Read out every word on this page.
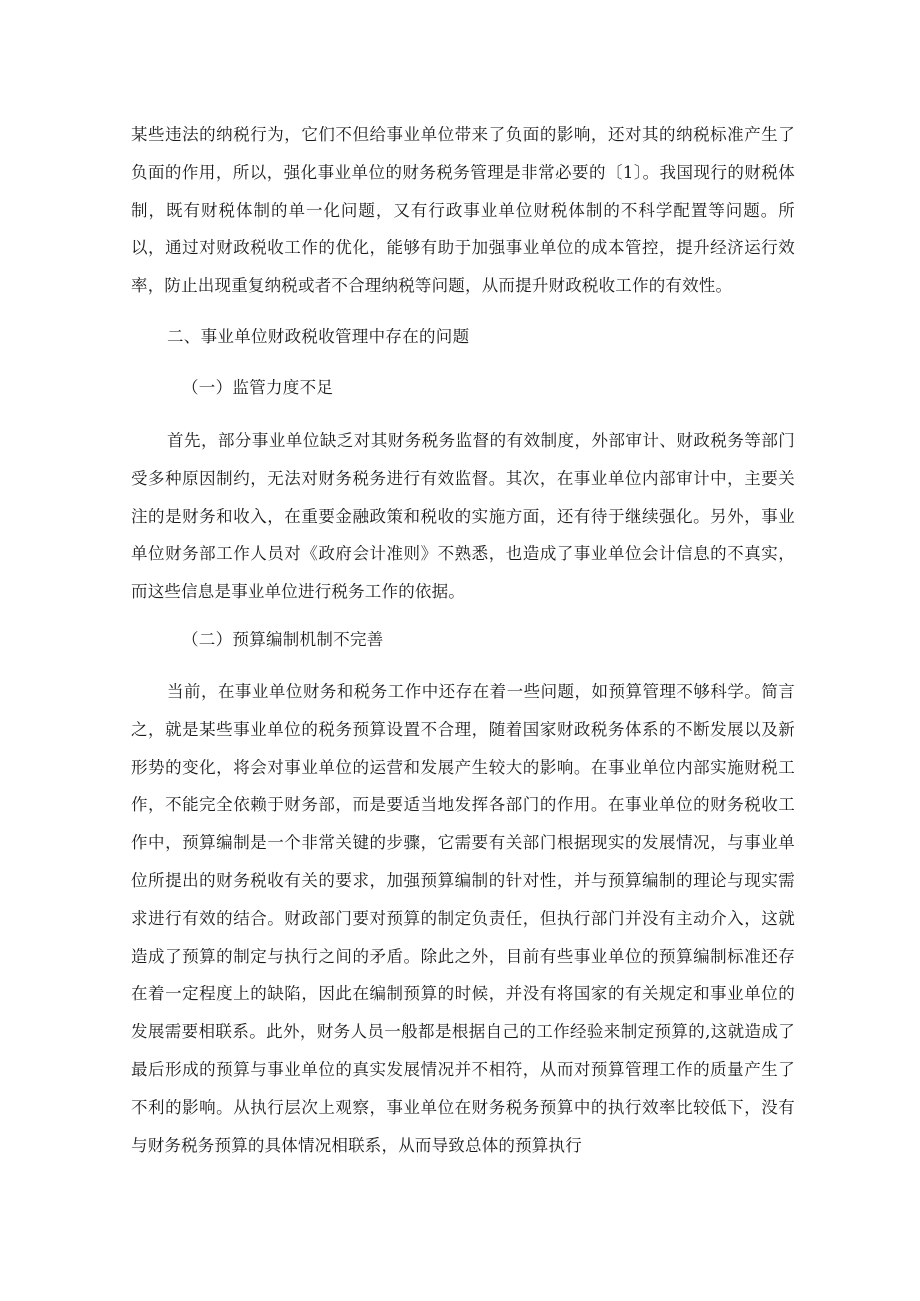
某些违法的纳税行为，它们不但给事业单位带来了负面的影响，还对其的纳税标准产生了负面的作用，所以，强化事业单位的财务税务管理是非常必要的〔1〕。我国现行的财税体制，既有财税体制的单一化问题，又有行政事业单位财税体制的不科学配置等问题。所以，通过对财政税收工作的优化，能够有助于加强事业单位的成本管控，提升经济运行效率，防止出现重复纳税或者不合理纳税等问题，从而提升财政税收工作的有效性。

二、事业单位财政税收管理中存在的问题

（一）监管力度不足

首先，部分事业单位缺乏对其财务税务监督的有效制度，外部审计、财政税务等部门受多种原因制约，无法对财务税务进行有效监督。其次，在事业单位内部审计中，主要关注的是财务和收入，在重要金融政策和税收的实施方面，还有待于继续强化。另外，事业单位财务部工作人员对《政府会计准则》不熟悉，也造成了事业单位会计信息的不真实，而这些信息是事业单位进行税务工作的依据。

（二）预算编制机制不完善

当前，在事业单位财务和税务工作中还存在着一些问题，如预算管理不够科学。简言之，就是某些事业单位的税务预算设置不合理，随着国家财政税务体系的不断发展以及新形势的变化，将会对事业单位的运营和发展产生较大的影响。在事业单位内部实施财税工作，不能完全依赖于财务部，而是要适当地发挥各部门的作用。在事业单位的财务税收工作中，预算编制是一个非常关键的步骤，它需要有关部门根据现实的发展情况，与事业单位所提出的财务税收有关的要求，加强预算编制的针对性，并与预算编制的理论与现实需求进行有效的结合。财政部门要对预算的制定负责任，但执行部门并没有主动介入，这就造成了预算的制定与执行之间的矛盾。除此之外，目前有些事业单位的预算编制标准还存在着一定程度上的缺陷，因此在编制预算的时候，并没有将国家的有关规定和事业单位的发展需要相联系。此外，财务人员一般都是根据自己的工作经验来制定预算的,这就造成了最后形成的预算与事业单位的真实发展情况并不相符，从而对预算管理工作的质量产生了不利的影响。从执行层次上观察，事业单位在财务税务预算中的执行效率比较低下，没有与财务税务预算的具体情况相联系，从而导致总体的预算执行
